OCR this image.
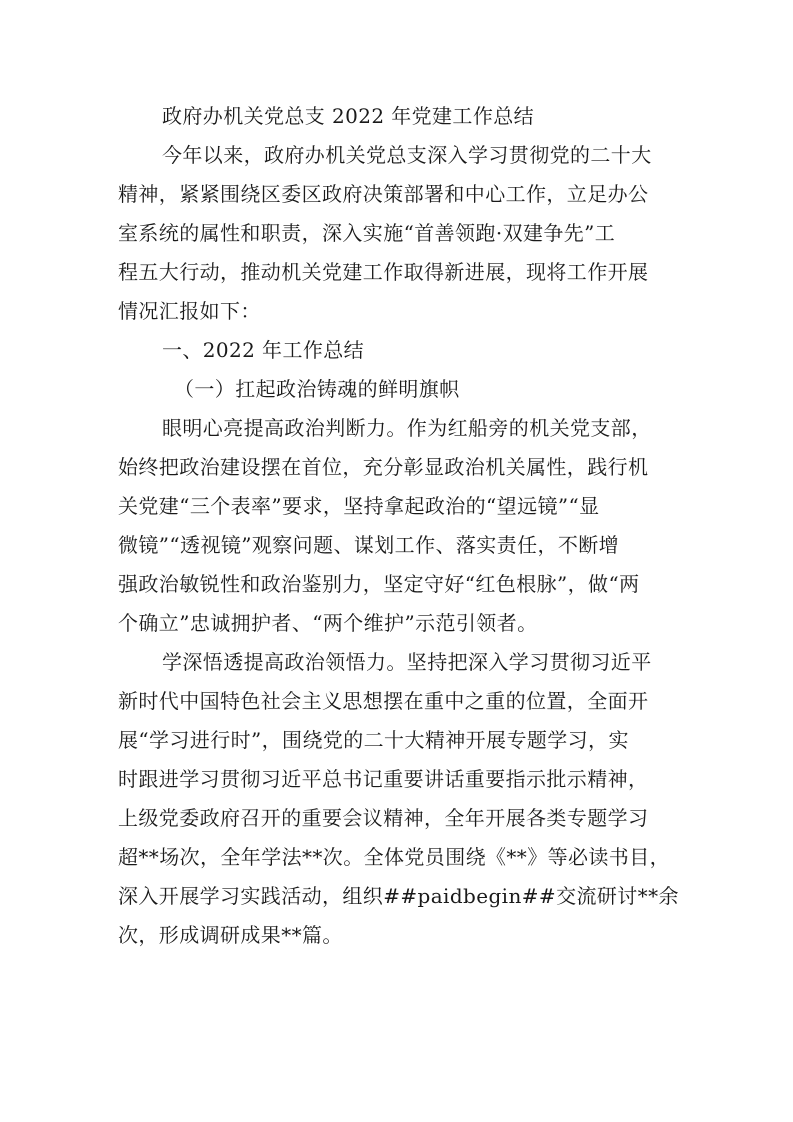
政府办机关党总支 2022 年党建工作总结
今年以来，政府办机关党总支深入学习贯彻党的二十大
精神，紧紧围绕区委区政府决策部署和中心工作，立足办公
室系统的属性和职责，深入实施“首善领跑·双建争先”工
程五大行动，推动机关党建工作取得新进展，现将工作开展
情况汇报如下：
一、2022 年工作总结
（一）扛起政治铸魂的鲜明旗帜
眼明心亮提高政治判断力。作为红船旁的机关党支部，
始终把政治建设摆在首位，充分彰显政治机关属性，践行机
关党建“三个表率”要求，坚持拿起政治的“望远镜”“显
微镜”“透视镜”观察问题、谋划工作、落实责任，不断增
强政治敏锐性和政治鉴别力，坚定守好“红色根脉”，做“两
个确立”忠诚拥护者、“两个维护”示范引领者。
学深悟透提高政治领悟力。坚持把深入学习贯彻习近平
新时代中国特色社会主义思想摆在重中之重的位置，全面开
展“学习进行时”，围绕党的二十大精神开展专题学习，实
时跟进学习贯彻习近平总书记重要讲话重要指示批示精神，
上级党委政府召开的重要会议精神，全年开展各类专题学习
超**场次，全年学法**次。全体党员围绕《**》等必读书目，
深入开展学习实践活动，组织##paidbegin##交流研讨**余
次，形成调研成果**篇。
